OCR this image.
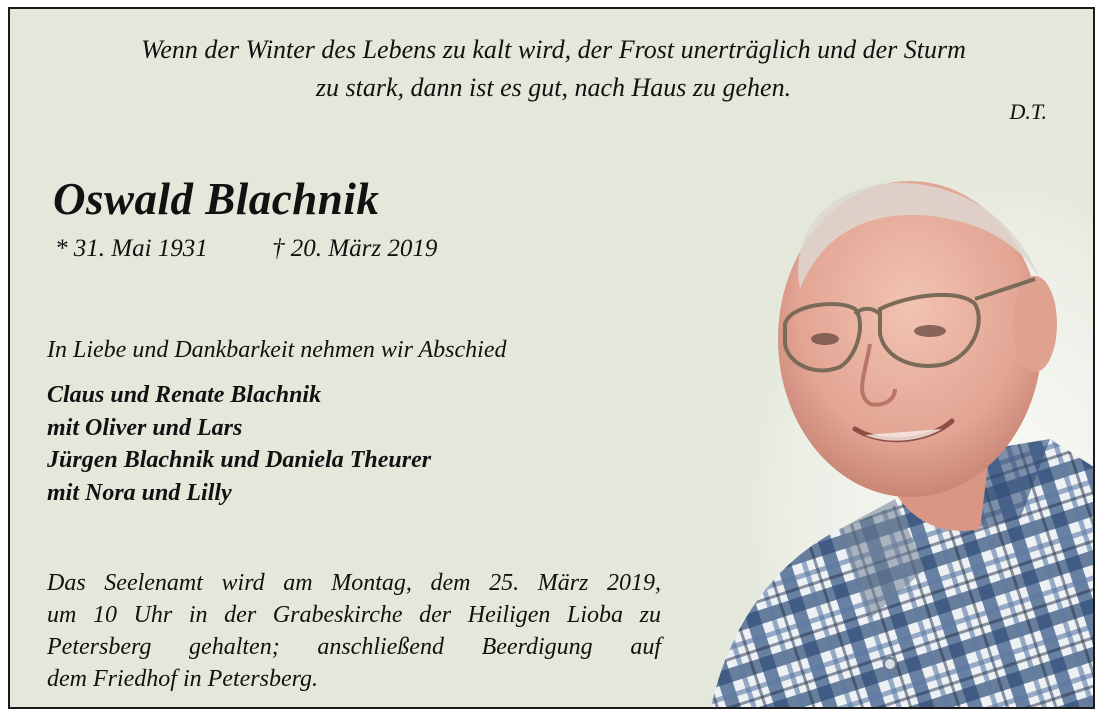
Wenn der Winter des Lebens zu kalt wird, der Frost unerträglich und der Sturm
zu stark, dann ist es gut, nach Haus zu gehen.
D.T.
Oswald Blachnik
* 31. Mai 1931	† 20. März 2019
In Liebe und Dankbarkeit nehmen wir Abschied
Claus und Renate Blachnik
mit Oliver und Lars
Jürgen Blachnik und Daniela Theurer
mit Nora und Lilly
Das Seelenamt wird am Montag, dem 25. März 2019,
um 10 Uhr in der Grabeskirche der Heiligen Lioba zu
Petersberg gehalten; anschließend Beerdigung auf
dem Friedhof in Petersberg.
